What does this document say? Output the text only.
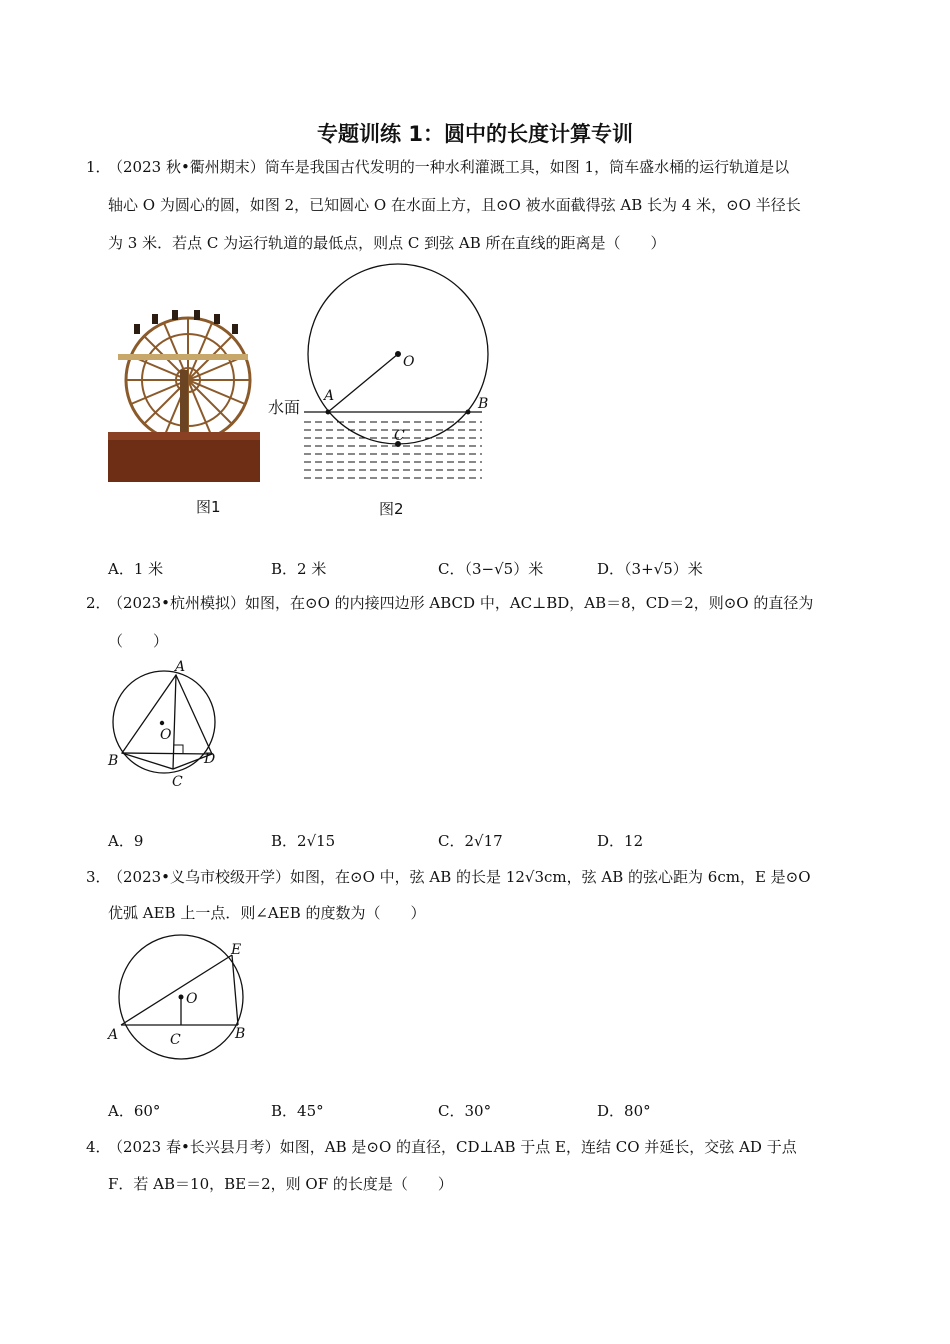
专题训练 1：圆中的长度计算专训
1．
（2023 秋•衢州期末）筒车是我国古代发明的一种水利灌溉工具，如图 1，筒车盛水桶的运行轨道是以
轴心 O 为圆心的圆，如图 2，已知圆心 O 在水面上方，且⊙O 被水面截得弦 AB 长为 4 米，⊙O 半径长
为 3 米．若点 C 为运行轨道的最低点，则点 C 到弦 AB 所在直线的距离是（　　）
图1
O
A	B
C
水面
图2
A．1 米	B．2 米	C．（3−√5）米	D．（3+√5）米
2．
（2023•杭州模拟）如图，在⊙O 的内接四边形 ABCD 中，AC⊥BD，AB＝8，CD＝2，则⊙O 的直径为
（　　）
A
B
C
D
O
A．9	B．2√15	C．2√17	D．12
3．
（2023•义乌市校级开学）如图，在⊙O 中，弦 AB 的长是 12√3cm，弦 AB 的弦心距为 6cm，E 是⊙O
优弧 AEB 上一点．则∠AEB 的度数为（　　）
O
A	B
C
E
A．60°	B．45°	C．30°	D．80°
4．
（2023 春•长兴县月考）如图，AB 是⊙O 的直径，CD⊥AB 于点 E，连结 CO 并延长，交弦 AD 于点
F．若 AB＝10，BE＝2，则 OF 的长度是（　　）
